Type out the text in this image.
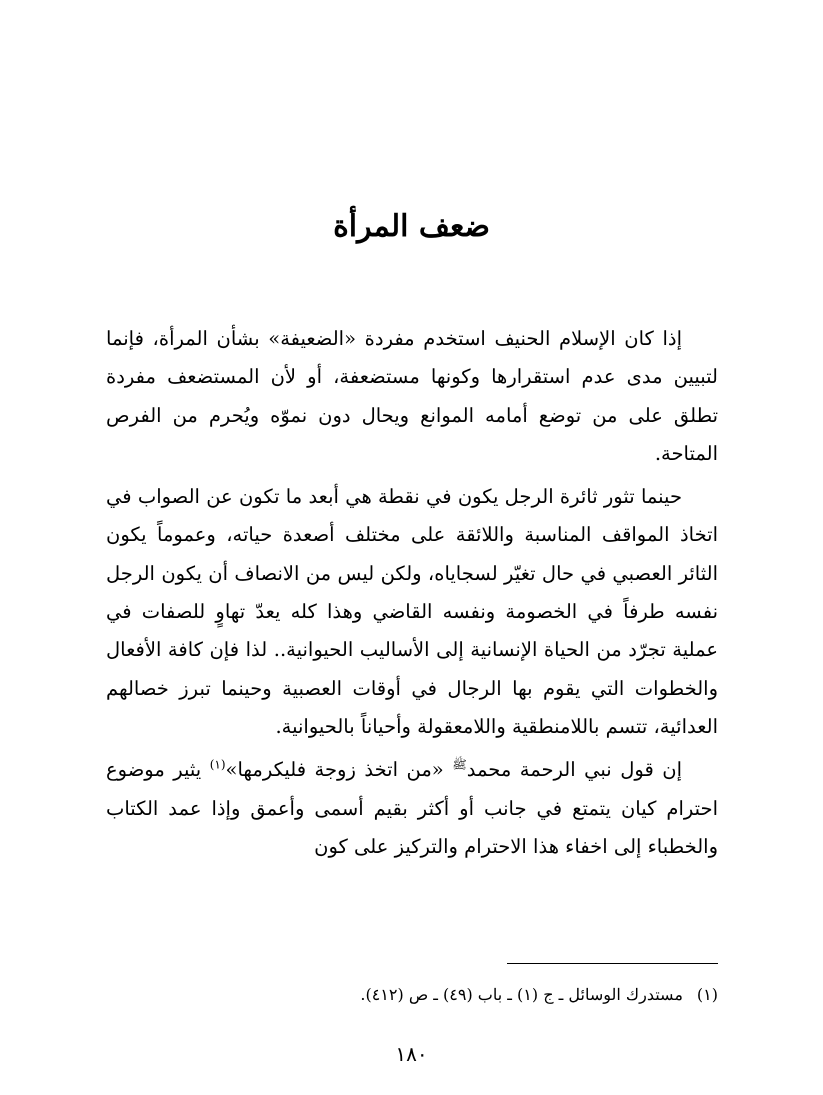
ضعف المرأة

إذا كان الإسلام الحنيف استخدم مفردة «الضعيفة» بشأن المرأة، فإنما لتبيين مدى عدم استقرارها وكونها مستضعفة، أو لأن المستضعف مفردة تطلق على من توضع أمامه الموانع ويحال دون نموّه ويُحرم من الفرص المتاحة.

حينما تثور ثائرة الرجل يكون في نقطة هي أبعد ما تكون عن الصواب في اتخاذ المواقف المناسبة واللائقة على مختلف أصعدة حياته، وعموماً يكون الثائر العصبي في حال تغيّر لسجاياه، ولكن ليس من الانصاف أن يكون الرجل نفسه طرفاً في الخصومة ونفسه القاضي وهذا كله يعدّ تهاوٍ للصفات في عملية تجرّد من الحياة الإنسانية إلى الأساليب الحيوانية.. لذا فإن كافة الأفعال والخطوات التي يقوم بها الرجال في أوقات العصبية وحينما تبرز خصالهم العدائية، تتسم باللامنطقية واللامعقولة وأحياناً بالحيوانية.

إن قول نبي الرحمة محمد$^ﷺ$ «من اتخذ زوجة فليكرمها»$^{(١)}$ يثير موضوع احترام كيان يتمتع في جانب أو أكثر بقيم أسمى وأعمق وإذا عمد الكتاب والخطباء إلى اخفاء هذا الاحترام والتركيز على كون

(١)مستدرك الوسائل ـ ج (١) ـ باب (٤٩) ـ ص (٤١٢).
١٨٠
